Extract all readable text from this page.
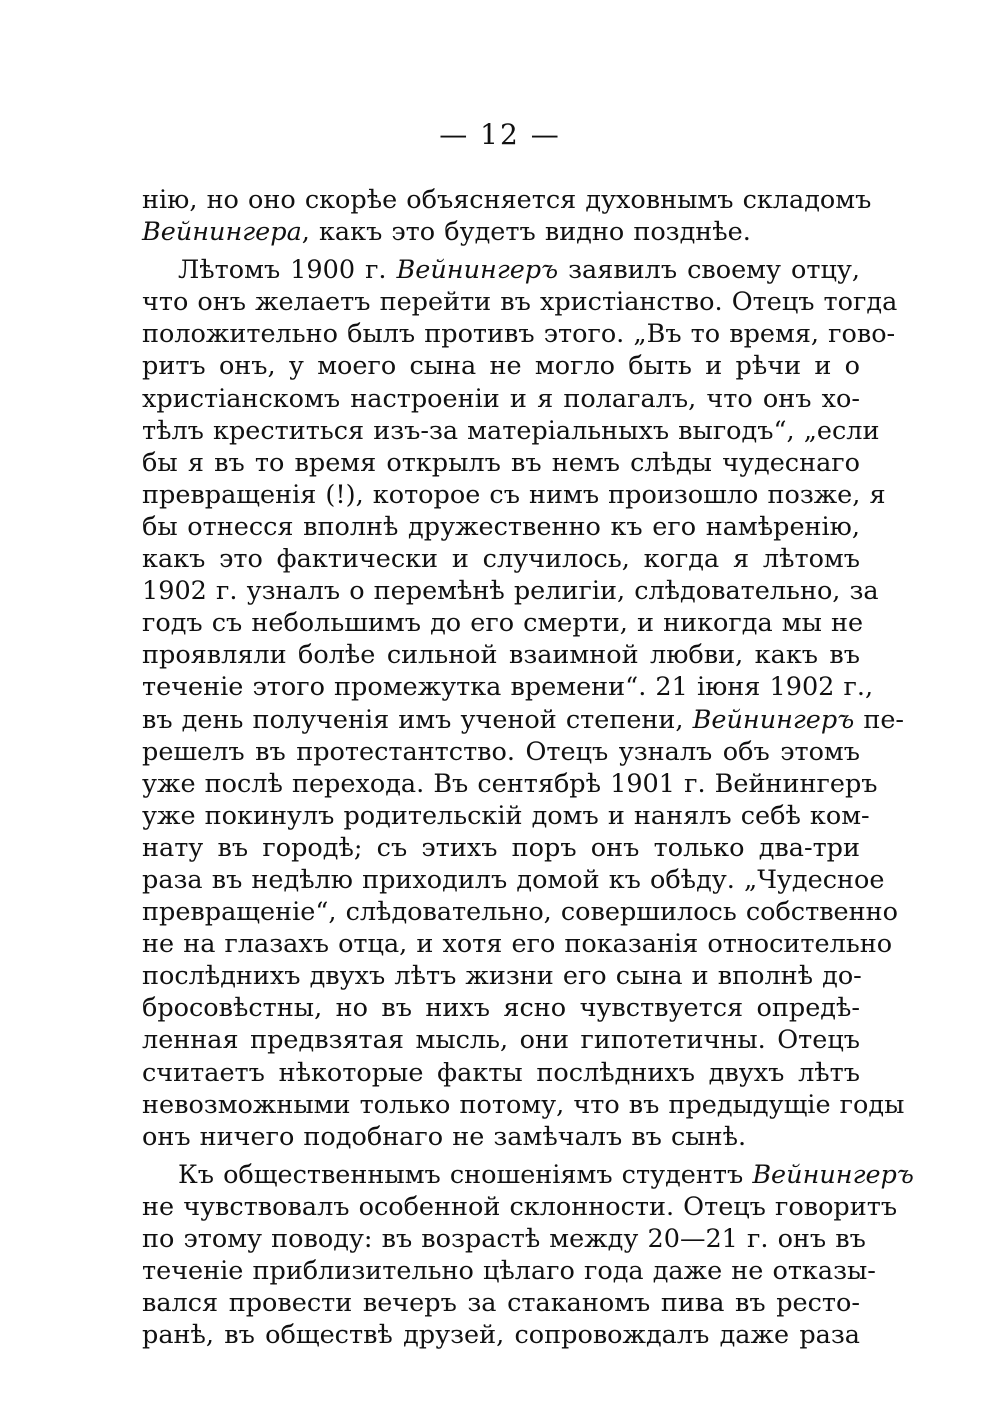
— 12 —
нію, но оно скорѣе объясняется духовнымъ складомъ
Вейнингера, какъ это будетъ видно позднѣе.
Лѣтомъ 1900 г. Вейнингеръ заявилъ своему отцу,
что онъ желаетъ перейти въ христіанство. Отецъ тогда
положительно былъ противъ этого. „Въ то время, гово-
ритъ онъ, у моего сына не могло быть и рѣчи и о
христіанскомъ настроеніи и я полагалъ, что онъ хо-
тѣлъ креститься изъ-за матеріальныхъ выгодъ“, „если
бы я въ то время открылъ въ немъ слѣды чудеснаго
превращенія (!), которое съ нимъ произошло позже, я
бы отнесся вполнѣ дружественно къ его намѣренію,
какъ это фактически и случилось, когда я лѣтомъ
1902 г. узналъ о перемѣнѣ религіи, слѣдовательно, за
годъ съ небольшимъ до его смерти, и никогда мы не
проявляли болѣе сильной взаимной любви, какъ въ
теченіе этого промежутка времени“. 21 іюня 1902 г.,
въ день полученія имъ ученой степени, Вейнингеръ пе-
решелъ въ протестантство. Отецъ узналъ объ этомъ
уже послѣ перехода. Въ сентябрѣ 1901 г. Вейнингеръ
уже покинулъ родительскій домъ и нанялъ себѣ ком-
нату въ городѣ; съ этихъ поръ онъ только два-три
раза въ недѣлю приходилъ домой къ обѣду. „Чудесное
превращеніе“, слѣдовательно, совершилось собственно
не на глазахъ отца, и хотя его показанія относительно
послѣднихъ двухъ лѣтъ жизни его сына и вполнѣ до-
бросовѣстны, но въ нихъ ясно чувствуется опредѣ-
ленная предвзятая мысль, они гипотетичны. Отецъ
считаетъ нѣкоторые факты послѣднихъ двухъ лѣтъ
невозможными только потому, что въ предыдущіе годы
онъ ничего подобнаго не замѣчалъ въ сынѣ.
Къ общественнымъ сношеніямъ студентъ Вейнингеръ
не чувствовалъ особенной склонности. Отецъ говоритъ
по этому поводу: въ возрастѣ между 20—21 г. онъ въ
теченіе приблизительно цѣлаго года даже не отказы-
вался провести вечеръ за стаканомъ пива въ ресто-
ранѣ, въ обществѣ друзей, сопровождалъ даже раза
